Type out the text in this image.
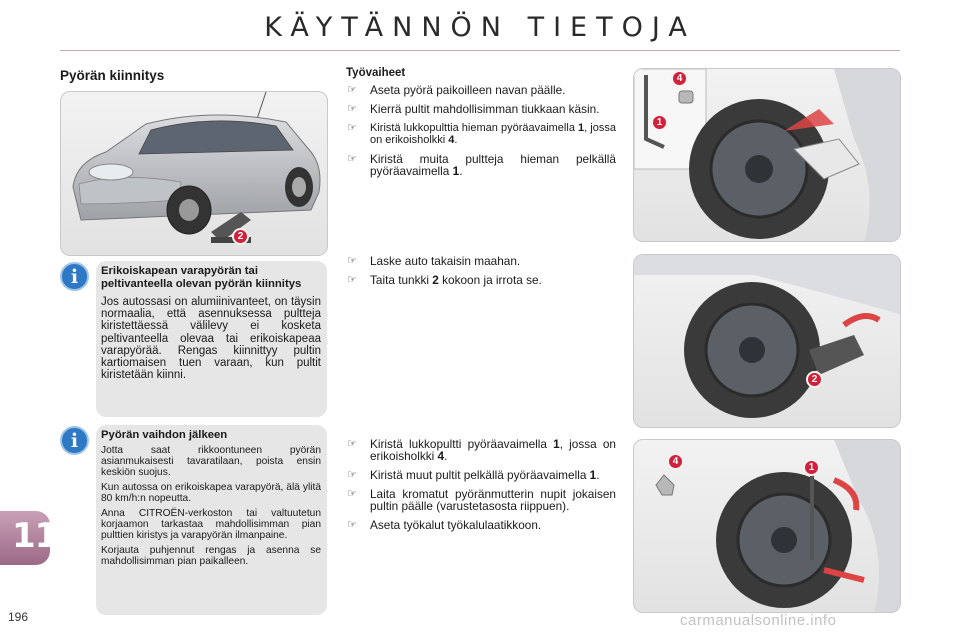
KÄYTÄNNÖN TIETOJA
Pyörän kiinnitys
2
i	Erikoiskapean varapyörän tai peltivanteella olevan pyörän kiinnitys
Jos autossasi on alumiinivanteet, on täysin normaalia, että asennuksessa pultteja kiristettäessä välilevy ei kosketa peltivanteella olevaa tai erikoiskapeaa varapyörää. Rengas kiinnittyy pultin kartiomaisen tuen varaan, kun pultit kiristetään kiinni.
i	Pyörän vaihdon jälkeen

Jotta saat rikkoontuneen pyörän asianmukaisesti tavaratilaan, poista ensin keskiön suojus.

Kun autossa on erikoiskapea varapyörä, älä ylitä 80 km/h:n nopeutta.

Anna CITROËN-verkoston tai valtuutetun korjaamon tarkastaa mahdollisimman pian pulttien kiristys ja varapyörän ilmanpaine.

Korjauta puhjennut rengas ja asenna se mahdollisimman pian paikalleen.

Työvaiheet
☞ Aseta pyörä paikoilleen navan päälle.
☞ Kierrä pultit mahdollisimman tiukkaan käsin.
☞ Kiristä lukkopulttia hieman pyöräavaimella 1, jossa on erikoisholkki 4.
☞ Kiristä muita pultteja hieman pelkällä pyöräavaimella 1.
☞ Laske auto takaisin maahan.
☞ Taita tunkki 2 kokoon ja irrota se.
☞ Kiristä lukkopultti pyöräavaimella 1, jossa on erikoisholkki 4.
☞ Kiristä muut pultit pelkällä pyöräavaimella 1.
☞ Laita kromatut pyöränmutterin nupit jokaisen pultin päälle (varustetasosta riippuen).
☞ Aseta työkalut työkalulaatikkoon.
4
1
2
4
1
11
196	carmanualsonline.info
